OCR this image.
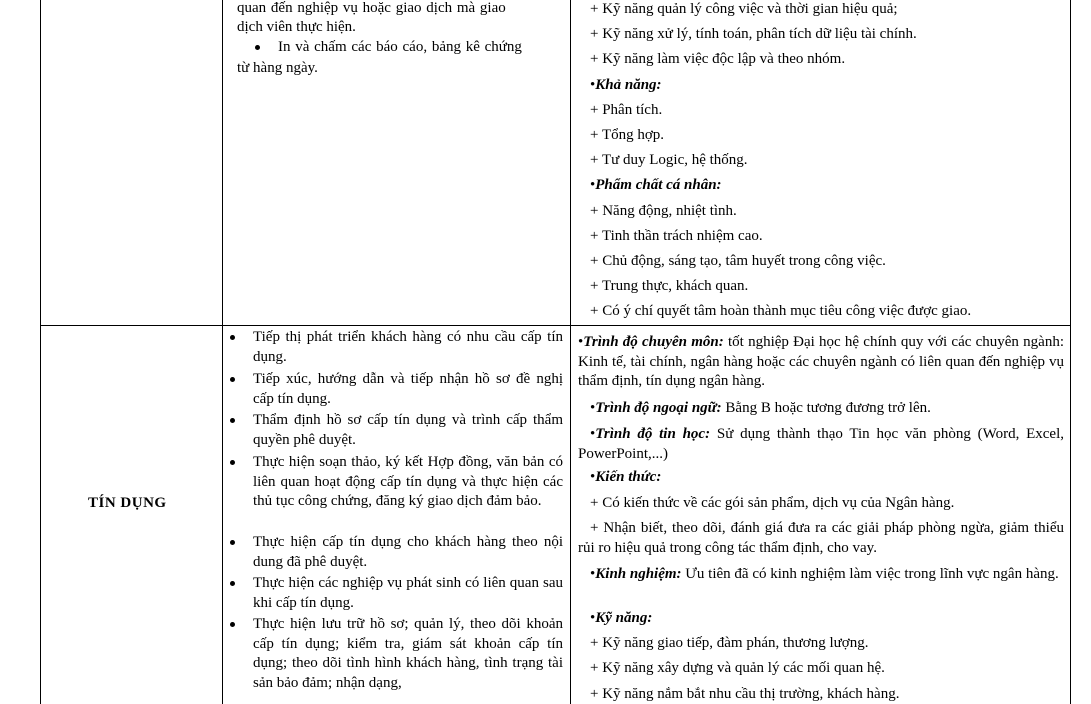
quan đến nghiệp vụ hoặc giao dịch mà giao
dịch viên thực hiện.
In và chấm các báo cáo, bảng kê chứng
từ hàng ngày.
+ Kỹ năng quản lý công việc và thời gian hiệu quả;
+ Kỹ năng xử lý, tính toán, phân tích dữ liệu tài chính.
+ Kỹ năng làm việc độc lập và theo nhóm.
•Khả năng:
+ Phân tích.
+ Tổng hợp.
+ Tư duy Logic, hệ thống.
•Phẩm chất cá nhân:
+ Năng động, nhiệt tình.
+ Tinh thần trách nhiệm cao.
+ Chủ động, sáng tạo, tâm huyết trong công việc.
+ Trung thực, khách quan.
+ Có ý chí quyết tâm hoàn thành mục tiêu công việc được giao.
TÍN DỤNG
Tiếp thị phát triển khách hàng có nhu cầu cấp tín dụng.
Tiếp xúc, hướng dẫn và tiếp nhận hồ sơ đề nghị cấp tín dụng.
Thẩm định hồ sơ cấp tín dụng và trình cấp thẩm quyền phê duyệt.
Thực hiện soạn thảo, ký kết Hợp đồng, văn bản có liên quan hoạt động cấp tín dụng và thực hiện các thủ tục công chứng, đăng ký giao dịch đảm bảo.
Thực hiện cấp tín dụng cho khách hàng theo nội dung đã phê duyệt.
Thực hiện các nghiệp vụ phát sinh có liên quan sau khi cấp tín dụng.
Thực hiện lưu trữ hồ sơ; quản lý, theo dõi khoản cấp tín dụng; kiểm tra, giám sát khoản cấp tín dụng; theo dõi tình hình khách hàng, tình trạng tài sản bảo đảm; nhận dạng,
•Trình độ chuyên môn: tốt nghiệp Đại học hệ chính quy với các chuyên ngành: Kinh tế, tài chính, ngân hàng hoặc các chuyên ngành có liên quan đến nghiệp vụ thẩm định, tín dụng ngân hàng.
•Trình độ ngoại ngữ: Bằng B hoặc tương đương trở lên.
•Trình độ tin học: Sử dụng thành thạo Tin học văn phòng (Word, Excel, PowerPoint,...)
•Kiến thức:
+ Có kiến thức về các gói sản phẩm, dịch vụ của Ngân hàng.
+ Nhận biết, theo dõi, đánh giá đưa ra các giải pháp phòng ngừa, giảm thiểu rủi ro hiệu quả trong công tác thẩm định, cho vay.
•Kinh nghiệm: Ưu tiên đã có kinh nghiệm làm việc trong lĩnh vực ngân hàng.
•Kỹ năng:
+ Kỹ năng giao tiếp, đàm phán, thương lượng.
+ Kỹ năng xây dựng và quản lý các mối quan hệ.
+ Kỹ năng nắm bắt nhu cầu thị trường, khách hàng.
